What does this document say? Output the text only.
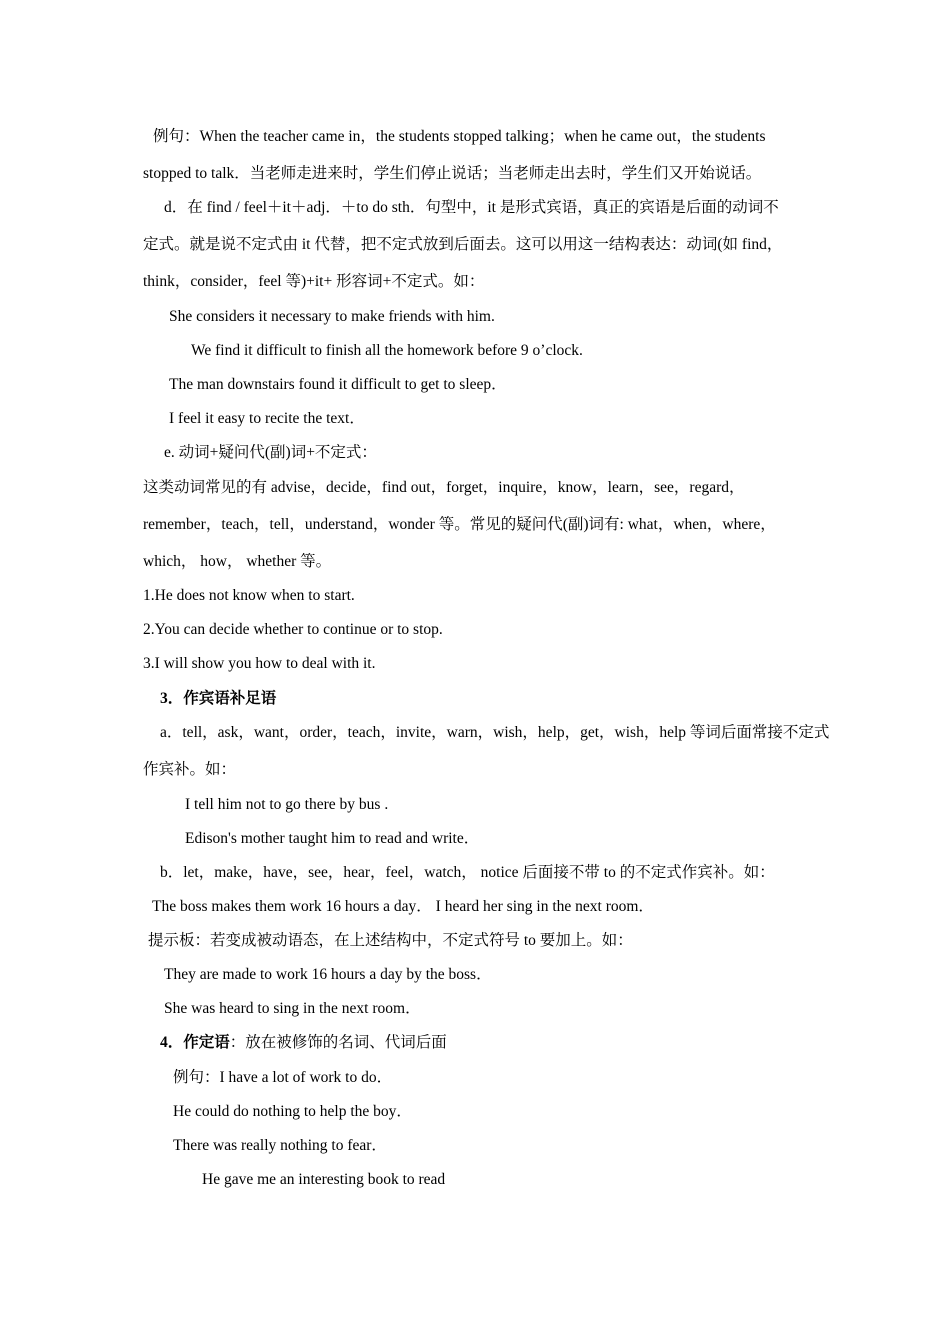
例句：When the teacher came in，the students stopped talking；when he came out，the students
stopped to talk．当老师走进来时，学生们停止说话；当老师走出去时，学生们又开始说话。
d．在 find / feel＋it＋adj．＋to do sth．句型中，it 是形式宾语，真正的宾语是后面的动词不
定式。就是说不定式由 it 代替，把不定式放到后面去。这可以用这一结构表达：动词(如 find，
think，consider，feel 等)+it+ 形容词+不定式。如：
She considers it necessary to make friends with him.
We find it difficult to finish all the homework before 9 o’clock.
The man downstairs found it difficult to get to sleep．
I feel it easy to recite the text．
e. 动词+疑问代(副)词+不定式：
这类动词常见的有 advise，decide，find out，forget，inquire，know，learn，see，regard，
remember，teach，tell，understand，wonder 等。常见的疑问代(副)词有: what，when，where，
which， how， whether 等。
1.He does not know when to start.
2.You can decide whether to continue or to stop.
3.I will show you how to deal with it.
3．作宾语补足语
a．tell，ask，want，order，teach，invite，warn，wish，help，get，wish，help 等词后面常接不定式
作宾补。如：
I tell him not to go there by bus .
Edison's mother taught him to read and write．
b．let，make，have，see，hear，feel，watch， notice 后面接不带 to 的不定式作宾补。如：
The boss makes them work 16 hours a day． I heard her sing in the next room．
提示板：若变成被动语态，在上述结构中，不定式符号 to 要加上。如：
They are made to work 16 hours a day by the boss．
She was heard to sing in the next room．
4．作定语：放在被修饰的名词、代词后面
例句：I have a lot of work to do．
He could do nothing to help the boy．
There was really nothing to fear．
He gave me an interesting book to read
